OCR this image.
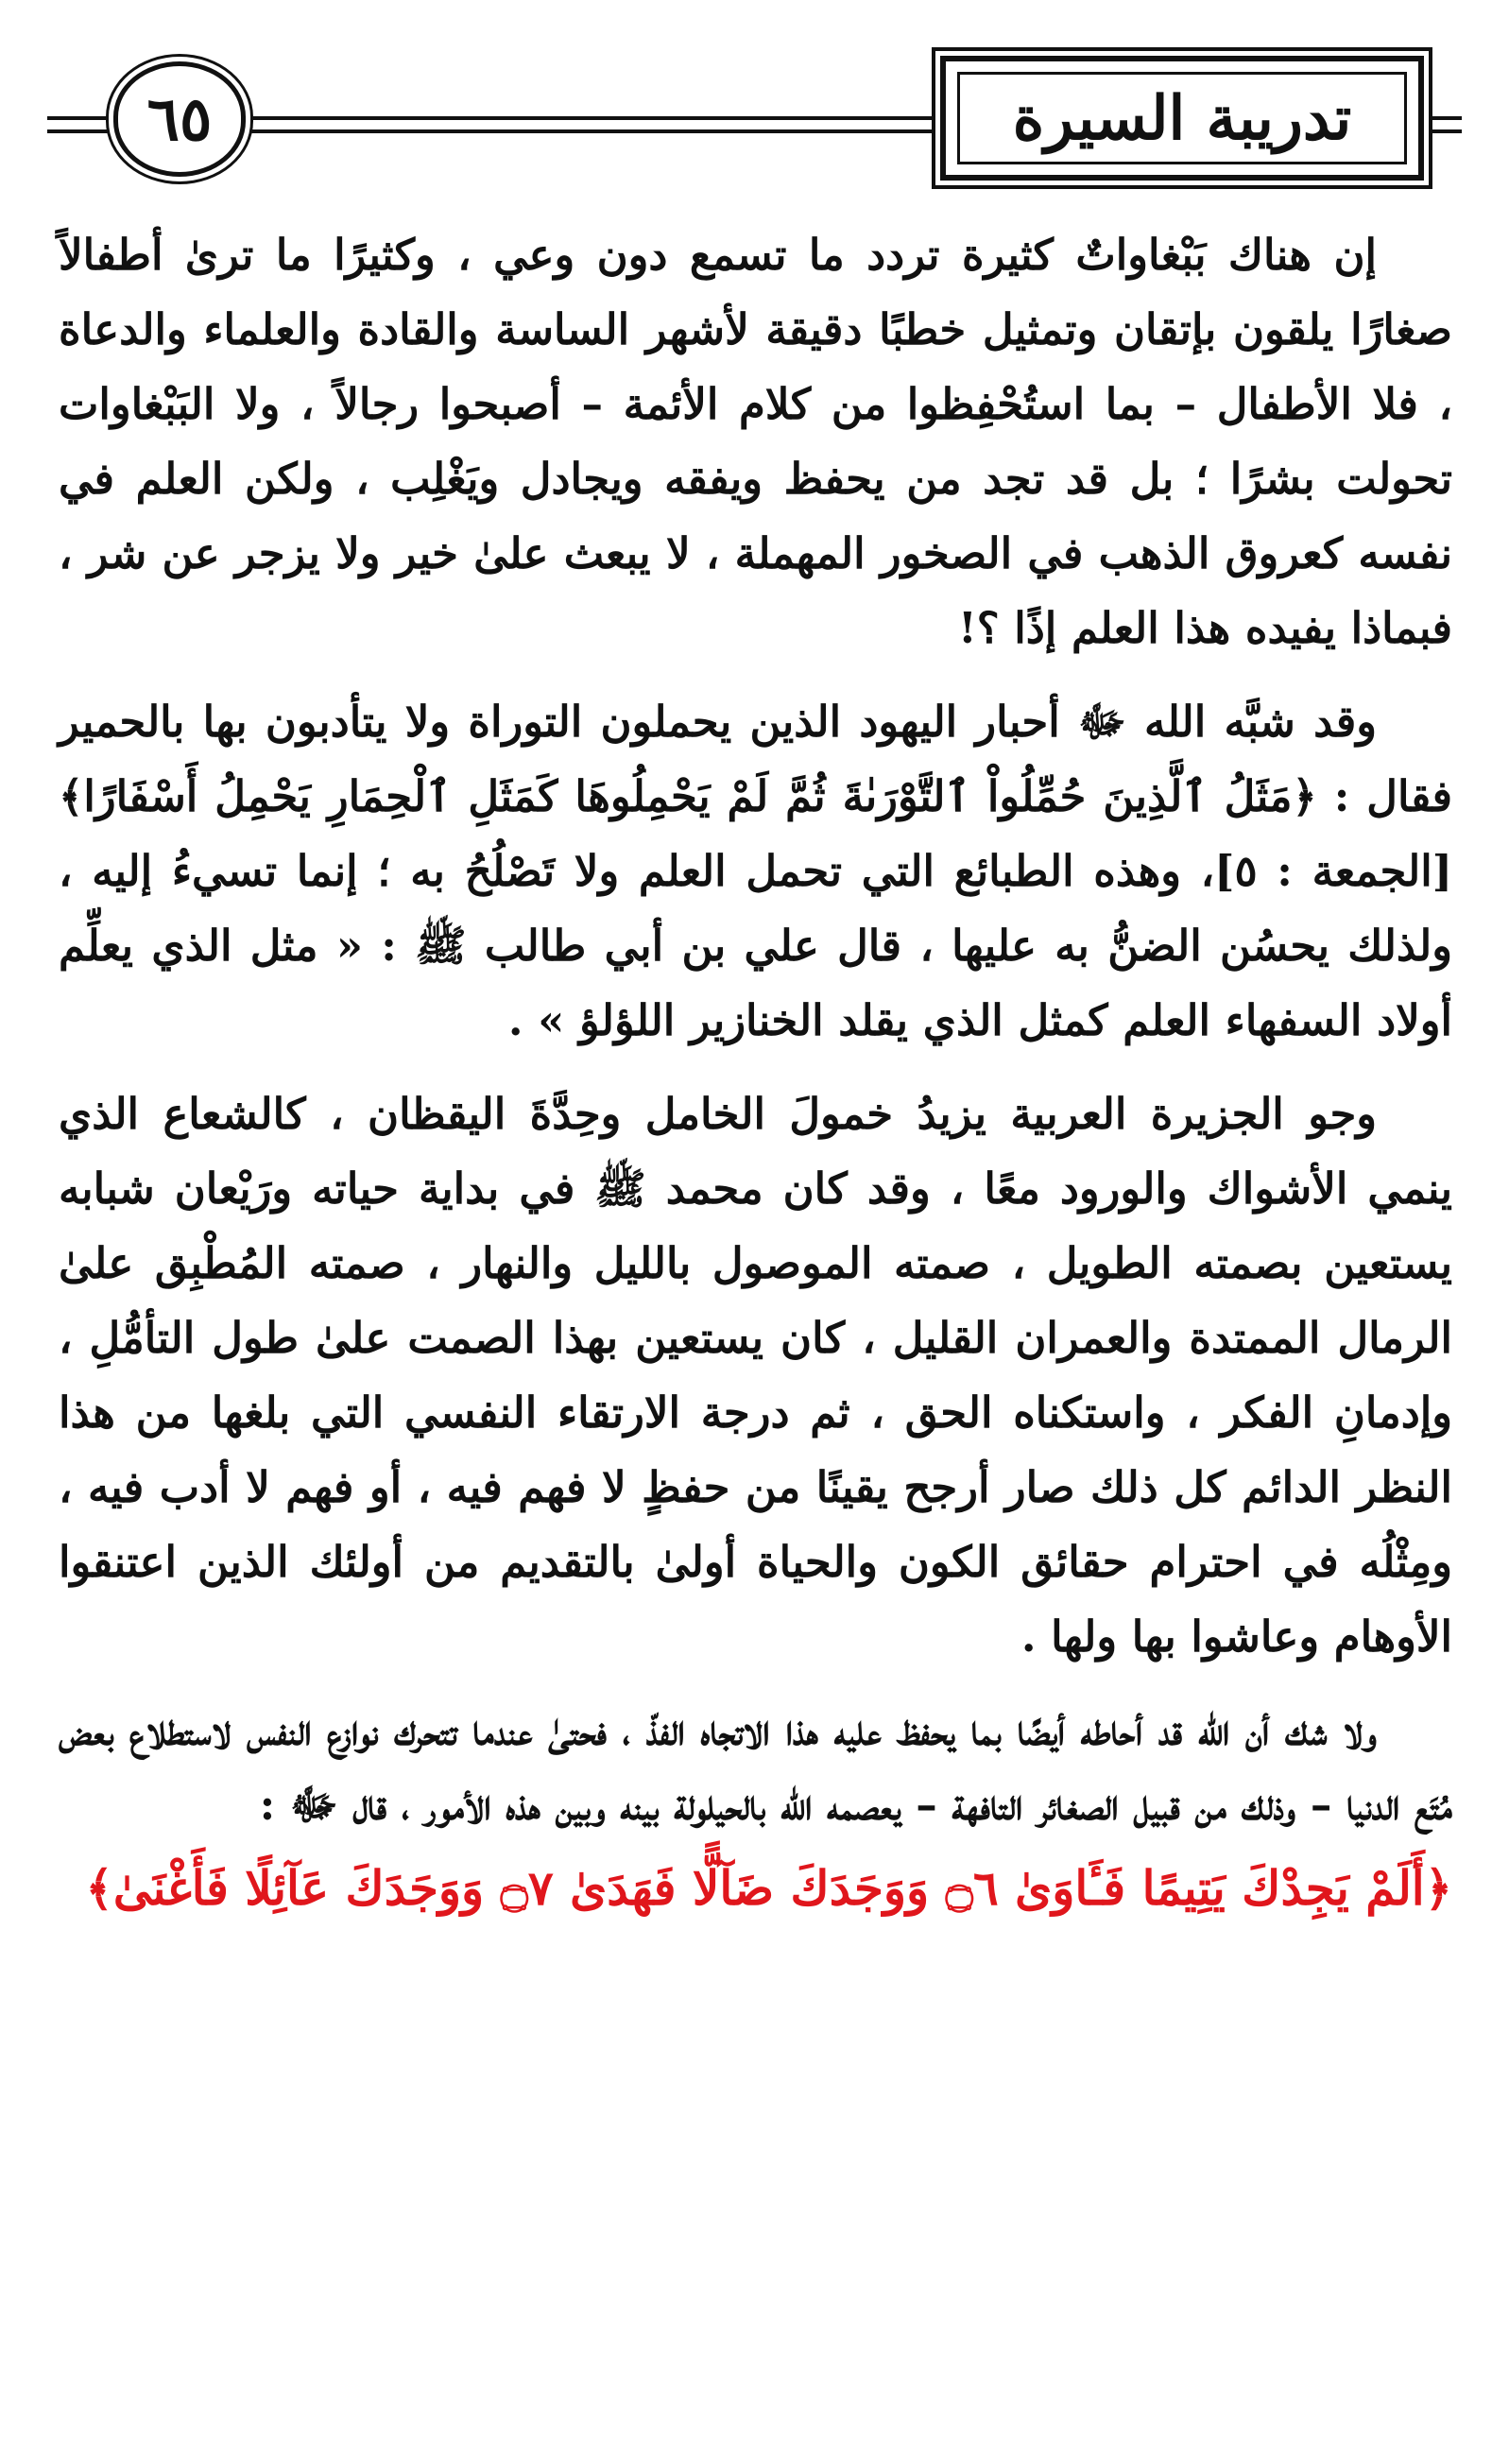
٦٥	تدريبة السيرة

إن هناك بَبْغاواتٌ كثيرة تردد ما تسمع دون وعي ، وكثيرًا ما ترىٰ أطفالاً صغارًا يلقون بإتقان وتمثيل خطبًا دقيقة لأشهر الساسة والقادة والعلماء والدعاة ، فلا الأطفال – بما استُحْفِظوا من كلام الأئمة – أصبحوا رجالاً ، ولا البَبْغاوات تحولت بشرًا ؛ بل قد تجد من يحفظ ويفقه ويجادل ويَغْلِب ، ولكن العلم في نفسه كعروق الذهب في الصخور المهملة ، لا يبعث علىٰ خير ولا يزجر عن شر ، فبماذا يفيده هذا العلم إذًا ؟!

وقد شبَّه الله ﷻ أحبار اليهود الذين يحملون التوراة ولا يتأدبون بها بالحمير فقال : ﴿مَثَلُ ٱلَّذِينَ حُمِّلُواْ ٱلتَّوْرَىٰةَ ثُمَّ لَمْ يَحْمِلُوهَا كَمَثَلِ ٱلْحِمَارِ يَحْمِلُ أَسْفَارًا﴾ [الجمعة : ٥]، وهذه الطبائع التي تحمل العلم ولا تَصْلُحُ به ؛ إنما تسيءُ إليه ، ولذلك يحسُن الضنُّ به عليها ، قال علي بن أبي طالب ﷺ : « مثل الذي يعلِّم أولاد السفهاء العلم كمثل الذي يقلد الخنازير اللؤلؤ » .

وجو الجزيرة العربية يزيدُ خمولَ الخامل وحِدَّةَ اليقظان ، كالشعاع الذي ينمي الأشواك والورود معًا ، وقد كان محمد ﷺ في بداية حياته ورَيْعان شبابه يستعين بصمته الطويل ، صمته الموصول بالليل والنهار ، صمته المُطْبِق علىٰ الرمال الممتدة والعمران القليل ، كان يستعين بهذا الصمت علىٰ طول التأمُّلِ ، وإدمانِ الفكر ، واستكناه الحق ، ثم درجة الارتقاء النفسي التي بلغها من هذا النظر الدائم كل ذلك صار أرجح يقينًا من حفظٍ لا فهم فيه ، أو فهم لا أدب فيه ، ومِثْلُه في احترام حقائق الكون والحياة أولىٰ بالتقديم من أولئك الذين اعتنقوا الأوهام وعاشوا بها ولها .

ولا شك أن الله قد أحاطه أيضًا بما يحفظ عليه هذا الاتجاه الفذّ ، فحتىٰ عندما تتحرك نوازع النفس لاستطلاع بعض مُتَع الدنيا – وذلك من قبيل الصغائر التافهة – يعصمه الله بالحيلولة بينه وبين هذه الأمور ، قال ﷻ :

﴿أَلَمْ يَجِدْكَ يَتِيمًا فَـَٔاوَىٰ ۝٦ وَوَجَدَكَ ضَآلًّا فَهَدَىٰ ۝٧ وَوَجَدَكَ عَآئِلًا فَأَغْنَىٰ﴾
